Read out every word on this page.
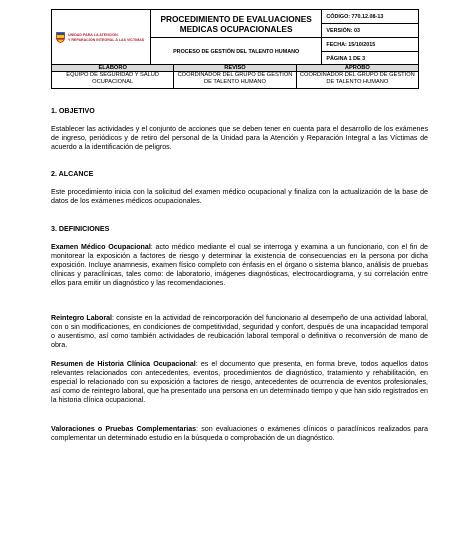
UNIDAD PARA LA ATENCIÓN
Y REPARACIÓN INTEGRAL A LAS VÍCTIMAS	PROCEDIMIENTO DE EVALUACIONES MEDICAS OCUPACIONALES	CÓDIGO: 770.12.08-13
		VERSIÓN: 03

	PROCESO DE GESTIÓN DEL TALENTO HUMANO	FECHA: 15/10/2015
		PÁGINA 1 DE 3
ELABORÓ	REVISÓ	APROBÓ
EQUIPO DE SEGURIDAD Y SALUD OCUPACIONAL	COORDINADOR DEL GRUPO DE GESTIÓN DE TALENTO HUMANO	COORDINADOR DEL GRUPO DE GESTIÓN DE TALENTO HUMANO
1. OBJETIVO
Establecer las actividades y el conjunto de acciones que se deben tener en cuenta para el desarrollo de los exámenes de ingreso, periódicos y de retiro del personal de la Unidad para la Atención y Reparación Integral a las Víctimas de acuerdo a la identificación de peligros.
2. ALCANCE
Este procedimiento inicia con la solicitud del examen médico ocupacional y finaliza con la actualización de la base de datos de los exámenes médicos ocupacionales.
3. DEFINICIONES
Examen Médico Ocupacional: acto médico mediante el cual se interroga y examina a un funcionario, con el fin de monitorear la exposición a factores de riesgo y determinar la existencia de consecuencias en la persona por dicha exposición. Incluye anamnesis, examen físico completo con énfasis en el órgano o sistema blanco, análisis de pruebas clínicas y paraclínicas, tales como: de laboratorio, imágenes diagnósticas, electrocardiograma, y su correlación entre ellos para emitir un diagnóstico y las recomendaciones.
Reintegro Laboral: consiste en la actividad de reincorporación del funcionario al desempeño de una actividad laboral, con o sin modificaciones, en condiciones de competitividad, seguridad y confort, después de una incapacidad temporal o ausentismo, así como también actividades de reubicación laboral temporal o definitiva o reconversión de mano de obra.
Resumen de Historia Clínica Ocupacional: es el documento que presenta, en forma breve, todos aquellos datos relevantes relacionados con antecedentes, eventos, procedimientos de diagnóstico, tratamiento y rehabilitación, en especial lo relacionado con su exposición a factores de riesgo, antecedentes de ocurrencia de eventos profesionales, así como de reintegro laboral, que ha presentado una persona en un determinado tiempo y que han sido registrados en la historia clínica ocupacional.
Valoraciones o Pruebas Complementarias: son evaluaciones o exámenes clínicos o paraclínicos realizados para complementar un determinado estudio en la búsqueda o comprobación de un diagnóstico.
